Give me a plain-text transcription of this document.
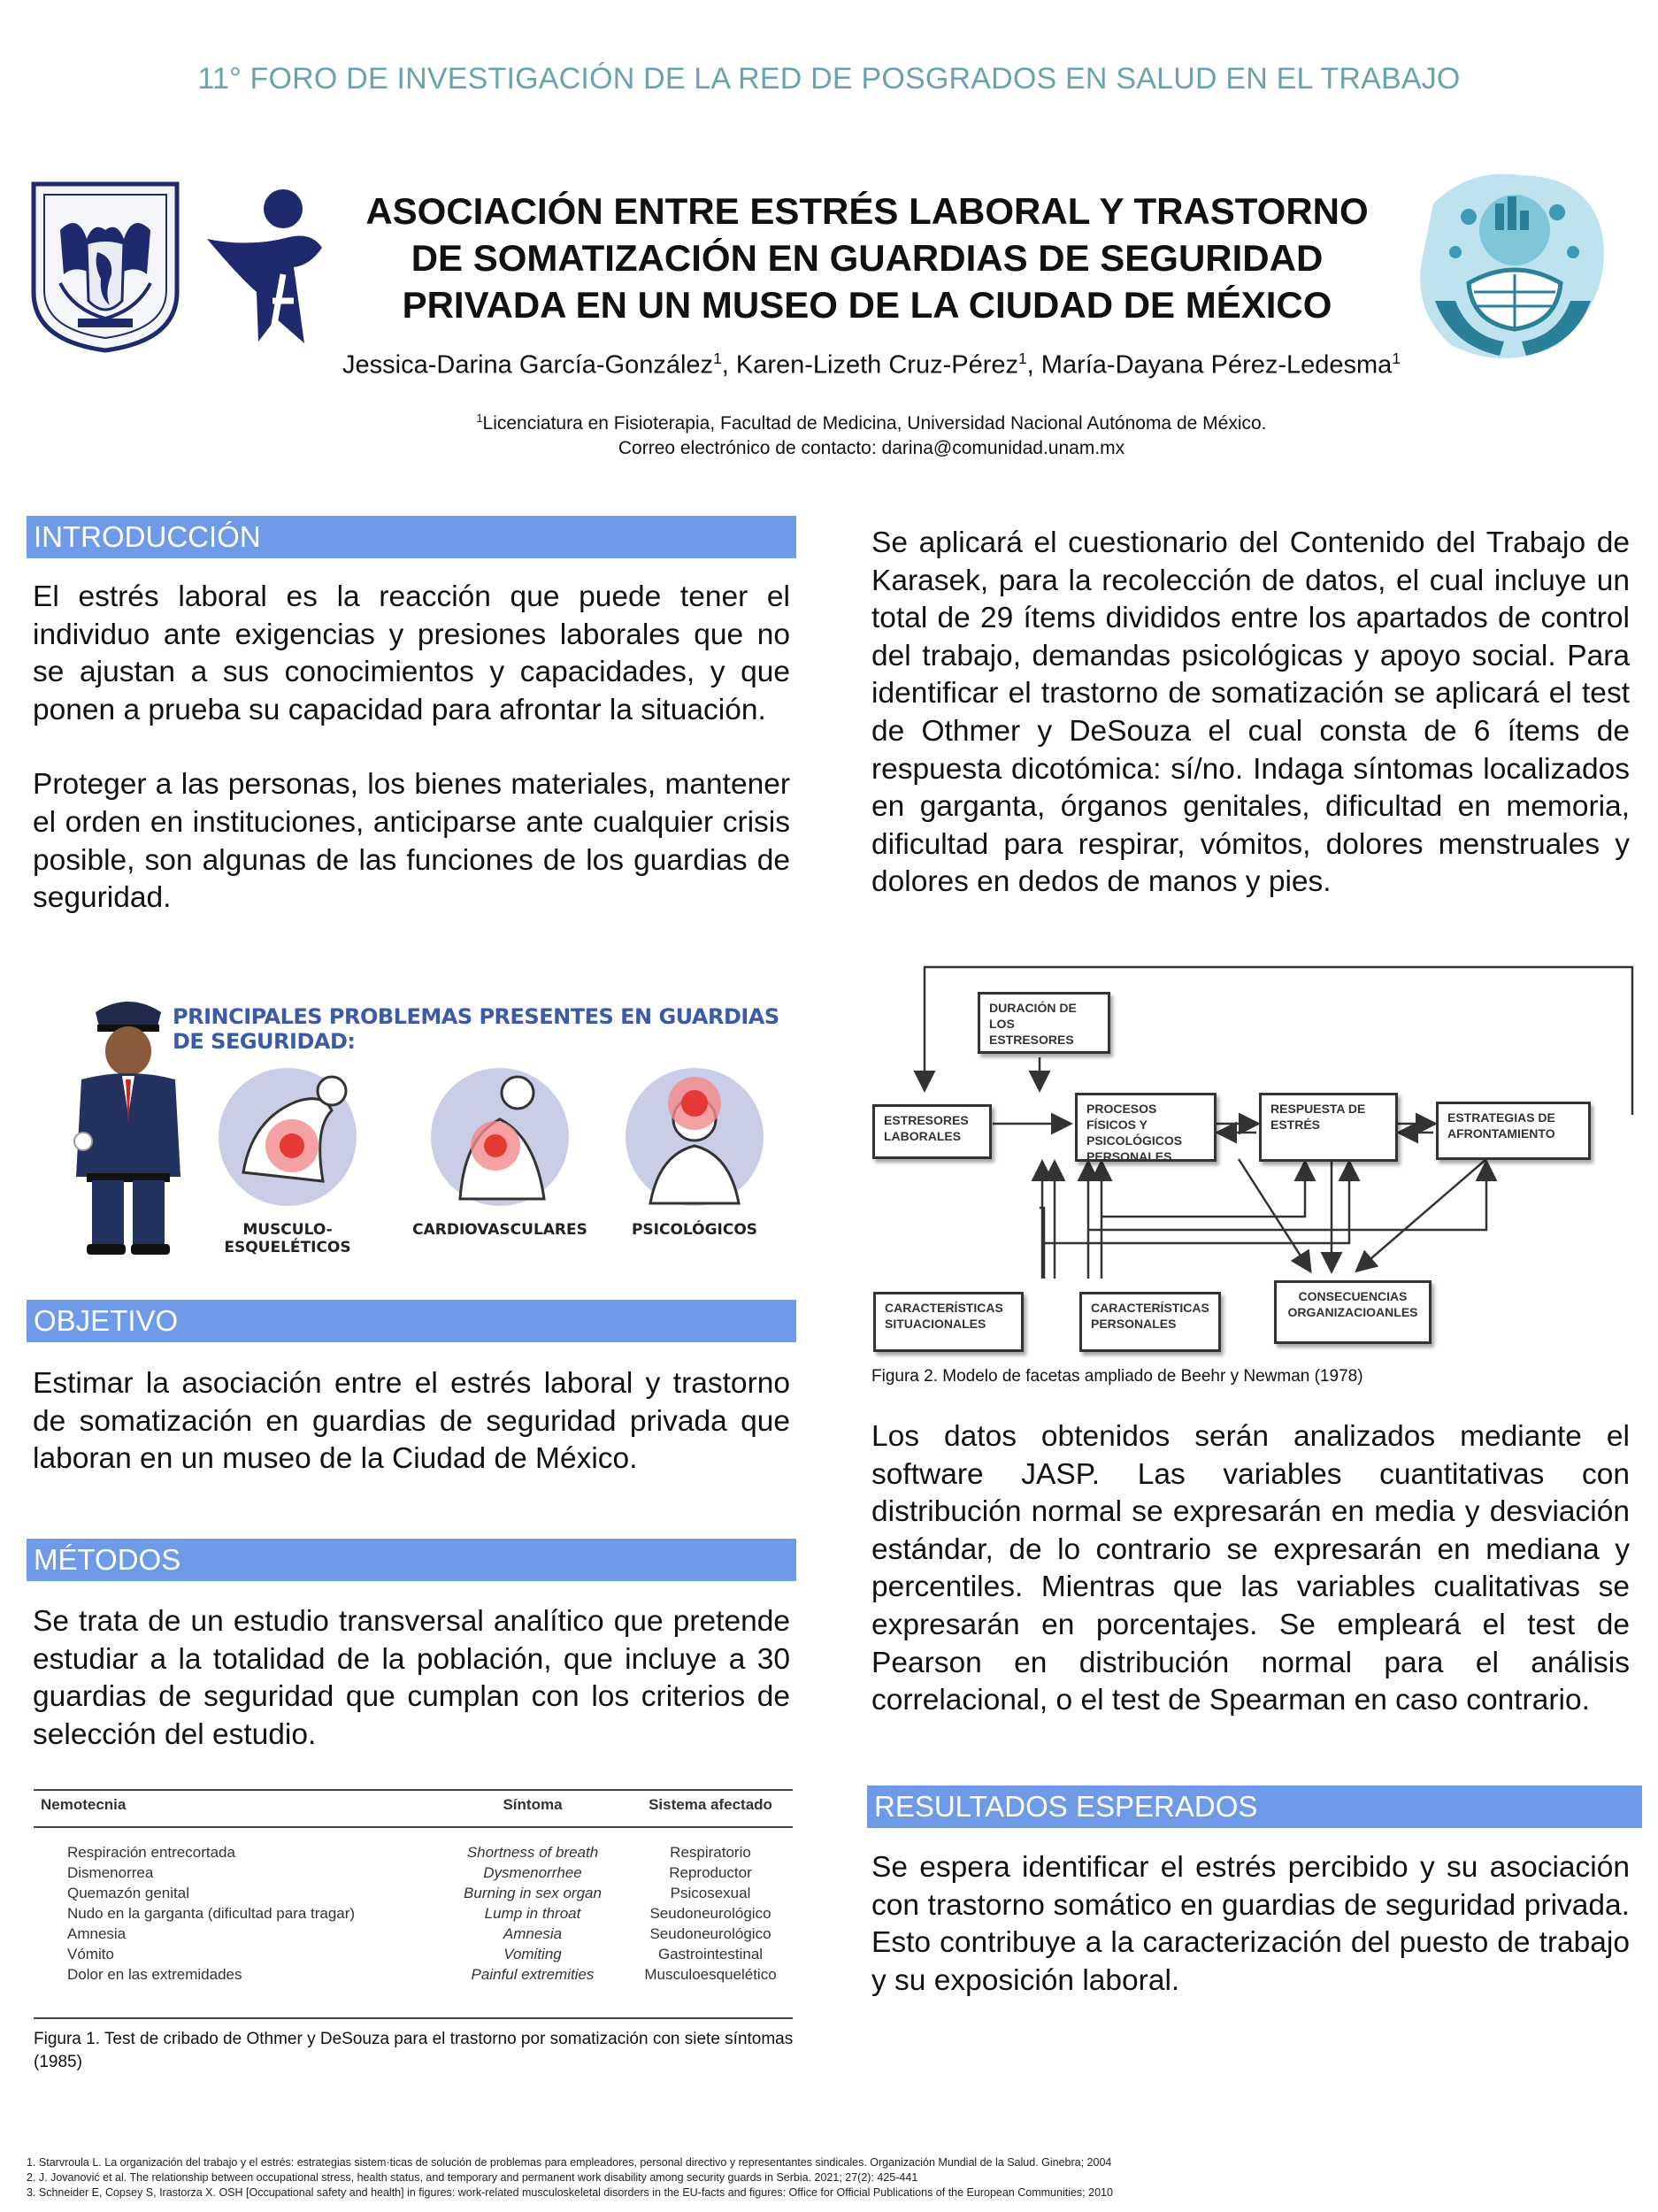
11° FORO DE INVESTIGACIÓN DE LA RED DE POSGRADOS EN SALUD EN EL TRABAJO
ASOCIACIÓN ENTRE ESTRÉS LABORAL Y TRASTORNO
DE SOMATIZACIÓN EN GUARDIAS DE SEGURIDAD
PRIVADA EN UN MUSEO DE LA CIUDAD DE MÉXICO
Jessica-Darina García-González$^1$, Karen-Lizeth Cruz-Pérez$^1$, María-Dayana Pérez-Ledesma$^1$
$^1$Licenciatura en Fisioterapia, Facultad de Medicina, Universidad Nacional Autónoma de México.
Correo electrónico de contacto: darina@comunidad.unam.mx
INTRODUCCIÓN

El estrés laboral es la reacción que puede tener el individuo ante exigencias y presiones laborales que no se ajustan a sus conocimientos y capacidades, y que ponen a prueba su capacidad para afrontar la situación.

Proteger a las personas, los bienes materiales, mantener el orden en instituciones, anticiparse ante cualquier crisis posible, son algunas de las funciones de los guardias de seguridad.

PRINCIPALES PROBLEMAS PRESENTES EN GUARDIAS DE SEGURIDAD:
MUSCULO-ESQUELÉTICOS
CARDIOVASCULARES	PSICOLÓGICOS
OBJETIVO
Estimar la asociación entre el estrés laboral y trastorno de somatización en guardias de seguridad privada que laboran en un museo de la Ciudad de México.
MÉTODOS
Se trata de un estudio transversal analítico que pretende estudiar a la totalidad de la población, que incluye a 30 guardias de seguridad que cumplan con los criterios de selección del estudio.
Nemotecnia	Síntoma	Sistema afectado

Respiración entrecortada	Shortness of breath	Respiratorio
Dismenorrea	Dysmenorrhee	Reproductor
Quemazón genital	Burning in sex organ	Psicosexual
Nudo en la garganta (dificultad para tragar)	Lump in throat	Seudoneurológico
Amnesia	Amnesia	Seudoneurológico
Vómito	Vomiting	Gastrointestinal
Dolor en las extremidades	Painful extremities	Musculoesquelético
Figura 1. Test de cribado de Othmer y DeSouza para el trastorno por somatización con siete síntomas (1985)
Se aplicará el cuestionario del Contenido del Trabajo de Karasek, para la recolección de datos, el cual incluye un total de 29 ítems divididos entre los apartados de control del trabajo, demandas psicológicas y apoyo social. Para identificar el trastorno de somatización se aplicará el test de Othmer y DeSouza el cual consta de 6 ítems de respuesta dicotómica: sí/no. Indaga síntomas localizados en garganta, órganos genitales, dificultad en memoria, dificultad para respirar, vómitos, dolores menstruales y dolores en dedos de manos y pies.
DURACIÓN DE LOS ESTRESORES
ESTRESORES LABORALES
PROCESOS FÍSICOS Y PSICOLÓGICOS PERSONALES
RESPUESTA DE ESTRÉS	ESTRATEGIAS DE AFRONTAMIENTO
CARACTERÍSTICAS SITUACIONALES
CARACTERÍSTICAS PERSONALES
CONSECUENCIAS ORGANIZACIOANLES
Figura 2. Modelo de facetas ampliado de Beehr y Newman (1978)
Los datos obtenidos serán analizados mediante el software JASP. Las variables cuantitativas con distribución normal se expresarán en media y desviación estándar, de lo contrario se expresarán en mediana y percentiles. Mientras que las variables cualitativas se expresarán en porcentajes. Se empleará el test de Pearson en distribución normal para el análisis correlacional, o el test de Spearman en caso contrario.
RESULTADOS ESPERADOS
Se espera identificar el estrés percibido y su asociación con trastorno somático en guardias de seguridad privada. Esto contribuye a la caracterización del puesto de trabajo y su exposición laboral.
1. Starvroula L. La organización del trabajo y el estrés: estrategias sistem·ticas de solución de problemas para empleadores, personal directivo y representantes sindicales. Organización Mundial de la Salud. Ginebra; 2004
2. J. Jovanović et al. The relationship between occupational stress, health status, and temporary and permanent work disability among security guards in Serbia. 2021; 27(2): 425-441
3. Schneider E, Copsey S, Irastorza X. OSH [Occupational safety and health] in figures: work-related musculoskeletal disorders in the EU-facts and figures: Office for Official Publications of the European Communities; 2010
